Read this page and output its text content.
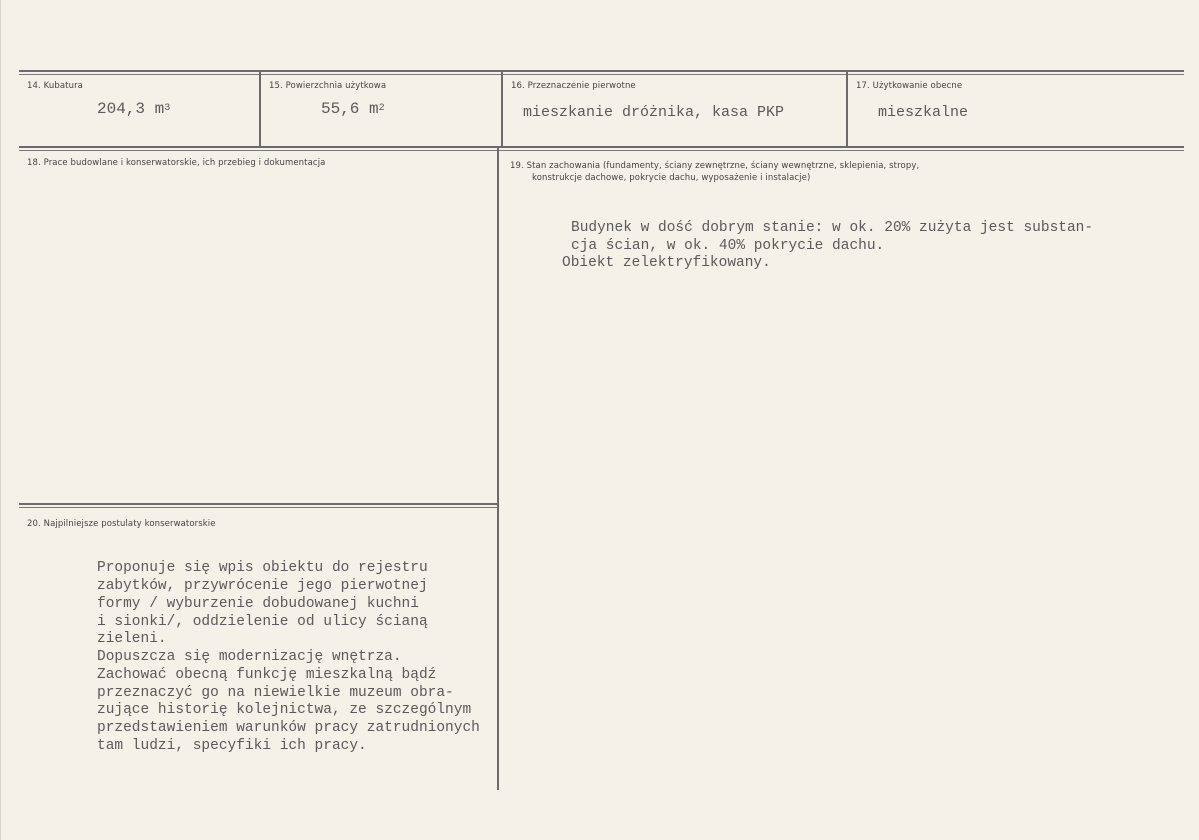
14. Kubatura
204,3 $m^3$
15. Powierzchnia użytkowa
55,6 $m^2$
16. Przeznaczenie pierwotne
mieszkanie dróżnika, kasa PKP
17. Użytkowanie obecne
mieszkalne
18. Prace budowlane i konserwatorskie, ich przebieg i dokumentacja	19. Stan zachowania (fundamenty, ściany zewnętrzne, ściany wewnętrzne, sklepienia, stropy,
konstrukcje dachowe, pokrycie dachu, wyposażenie i instalacje)
Budynek w dość dobrym stanie: w ok. 20% zużyta jest substan-
cja ścian, w ok. 40% pokrycie dachu.
Obiekt zelektryfikowany.
20. Najpilniejsze postulaty konserwatorskie
Proponuje się wpis obiektu do rejestru
zabytków, przywrócenie jego pierwotnej
formy / wyburzenie dobudowanej kuchni
i sionki/, oddzielenie od ulicy ścianą
zieleni.
Dopuszcza się modernizację wnętrza.
Zachować obecną funkcję mieszkalną bądź
przeznaczyć go na niewielkie muzeum obra-
zujące historię kolejnictwa, ze szczególnym
przedstawieniem warunków pracy zatrudnionych
tam ludzi, specyfiki ich pracy.
